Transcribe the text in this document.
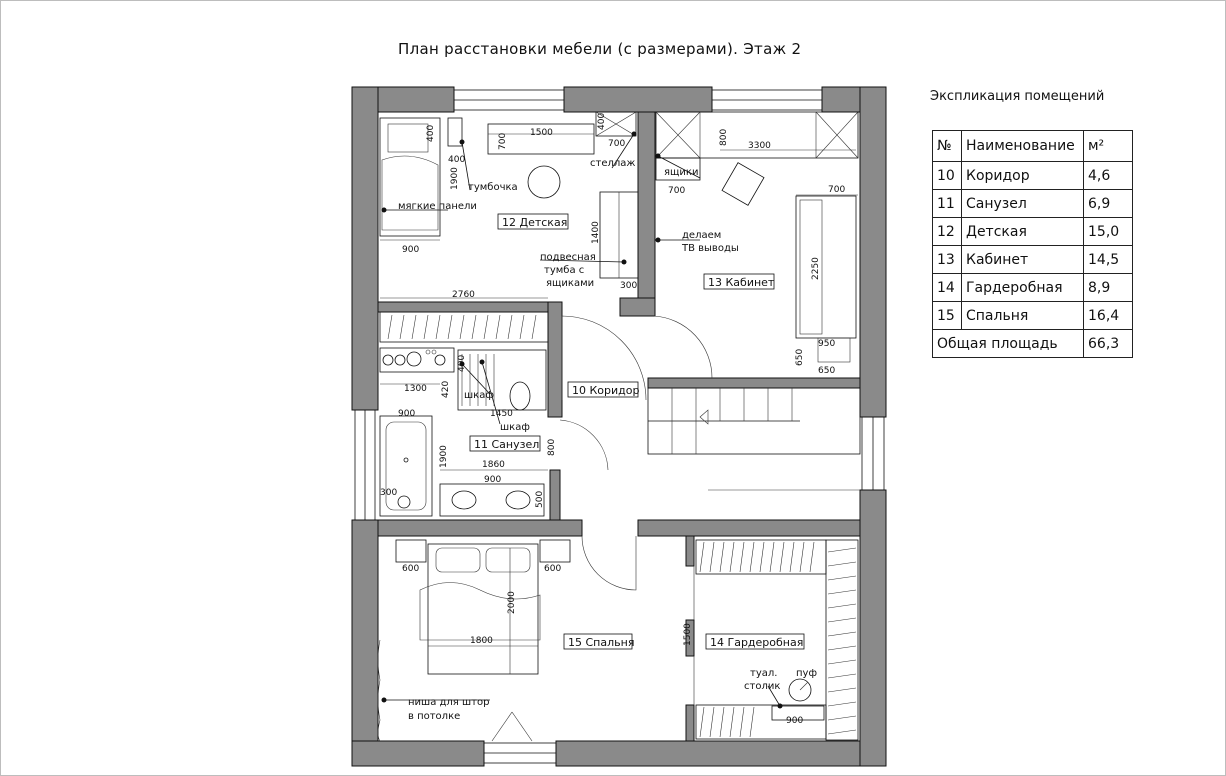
План расстановки мебели (с размерами). Этаж 2
12 Детская
13 Кабинет
10 Коридор
11 Санузел
15 Спальня	14 Гардеробная
тумбочка
мягкие панели
стеллаж
подвесная
тумба с
ящиками
ящики
делаем
ТВ выводы
шкаф
шкаф
туал.
столик
пуф
ниша для штор
в потолке
400
400
1900
900
1500
700	700
400
1400
300
2760
800 3300
700	700
2250
950
650
650
1300 420
400
1450
900
1900	1860
900
800
300	500
600	600
2000
1800	1500
900
Экспликация помещений
№	Наименование	м²
10	Коридор	4,6
11	Санузел	6,9
12	Детская	15,0
13	Кабинет	14,5
14	Гардеробная	8,9
15	Спальня	16,4
Общая площадь		66,3
